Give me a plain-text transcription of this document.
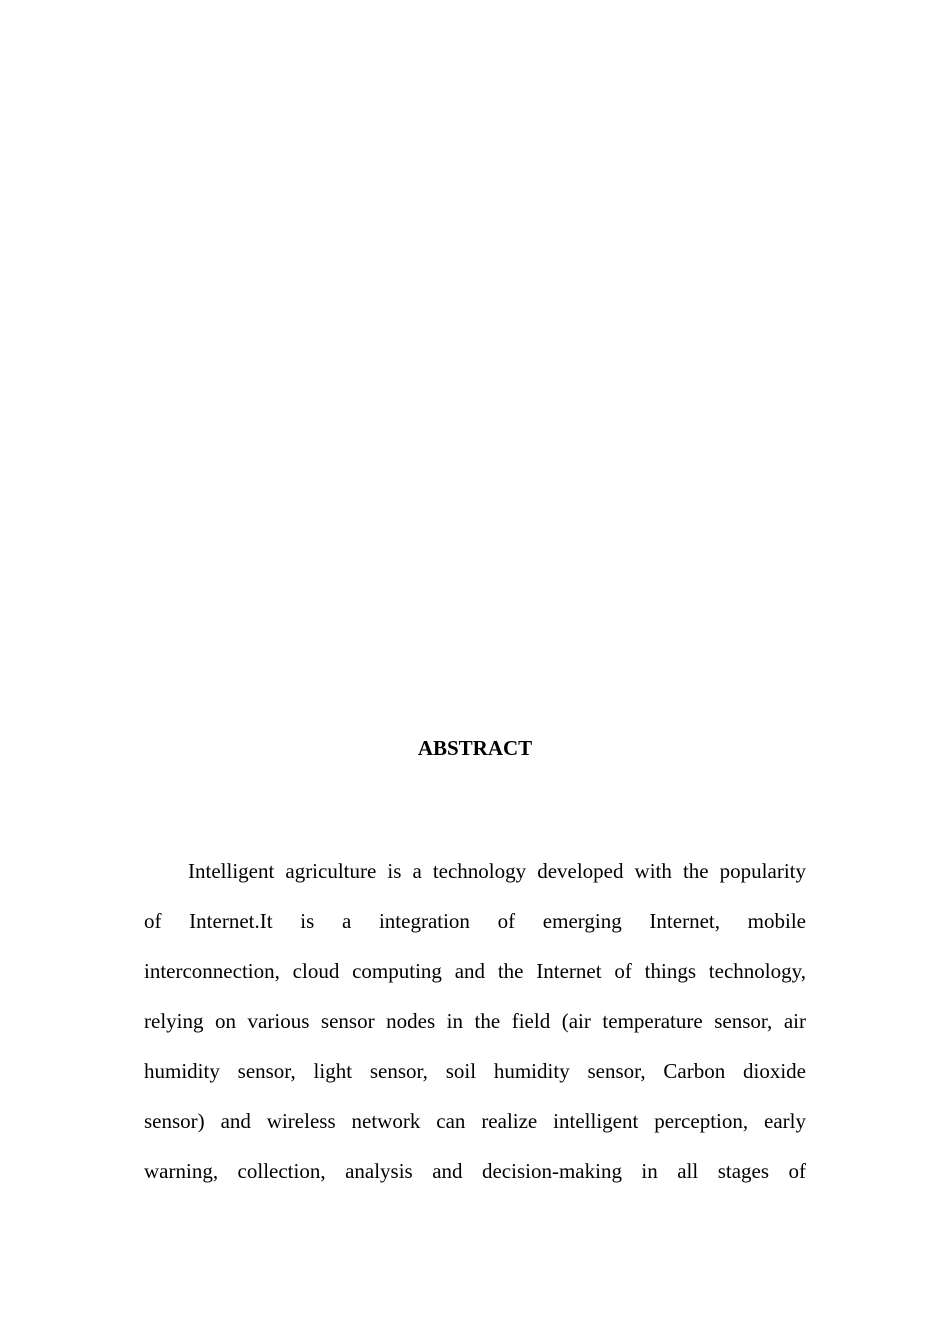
ABSTRACT
Intelligent agriculture is a technology developed with the popularity
of Internet.It is a integration of emerging Internet, mobile
interconnection, cloud computing and the Internet of things technology,
relying on various sensor nodes in the field (air temperature sensor, air
humidity sensor, light sensor, soil humidity sensor, Carbon dioxide
sensor) and wireless network can realize intelligent perception, early
warning, collection, analysis and decision-making in all stages of
